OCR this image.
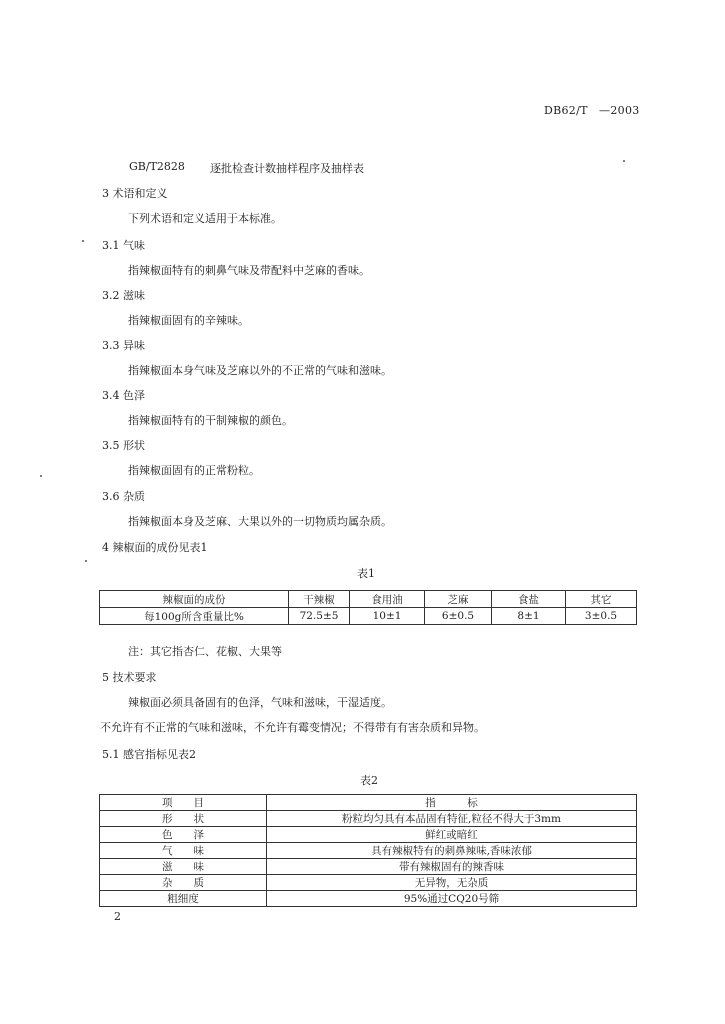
DB62/T　—2003
GB/T2828 逐批检查计数抽样程序及抽样表
3 术语和定义
下列术语和定义适用于本标准。
3.1 气味
指辣椒面特有的刺鼻气味及带配料中芝麻的香味。
3.2 滋味
指辣椒面固有的辛辣味。
3.3 异味
指辣椒面本身气味及芝麻以外的不正常的气味和滋味。
3.4 色泽
指辣椒面特有的干制辣椒的颜色。
3.5 形状
指辣椒面固有的正常粉粒。
3.6 杂质
指辣椒面本身及芝麻、大果以外的一切物质均属杂质。
4 辣椒面的成份见表1
表1
辣椒面的成份	干辣椒	食用油	芝麻	食盐	其它
每100g所含重量比%	72.5±5	10±1	6±0.5	8±1	3±0.5
注：其它指杏仁、花椒、大果等
5 技术要求
辣椒面必须具备固有的色泽，气味和滋味，干湿适度。
不允许有不正常的气味和滋味，不允许有霉变情况；不得带有有害杂质和异物。
5.1 感官指标见表2
表2
项　　目	指　　　标
形　　状	粉粒均匀具有本品固有特征,粒径不得大于3mm
色　　泽	鲜红或暗红
气　　味	具有辣椒特有的刺鼻辣味,香味浓郁
滋　　味	带有辣椒固有的辣香味
杂　　质	无异物，无杂质
粗细度	95%通过CQ20号筛
2
